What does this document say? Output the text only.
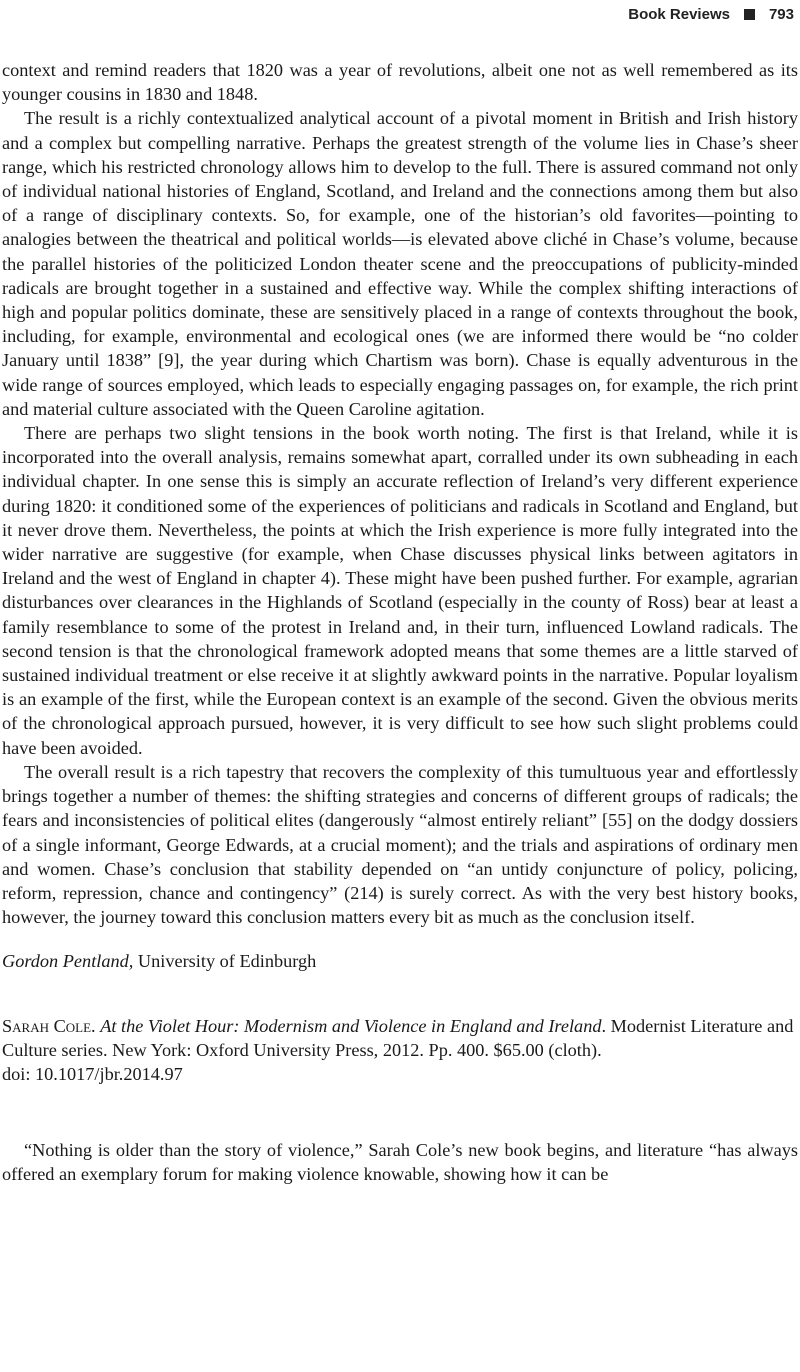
Book Reviews	793

context and remind readers that 1820 was a year of revolutions, albeit one not as well remembered as its younger cousins in 1830 and 1848.

The result is a richly contextualized analytical account of a pivotal moment in British and Irish history and a complex but compelling narrative. Perhaps the greatest strength of the volume lies in Chase’s sheer range, which his restricted chronology allows him to develop to the full. There is assured command not only of individual national histories of England, Scotland, and Ireland and the connections among them but also of a range of disciplinary contexts. So, for example, one of the historian’s old favorites—pointing to analogies between the theatrical and political worlds—is elevated above cliché in Chase’s volume, because the parallel histories of the politicized London theater scene and the preoccupations of publicity-minded radicals are brought together in a sustained and effective way. While the complex shifting interactions of high and popular politics dominate, these are sensitively placed in a range of contexts throughout the book, including, for example, environmental and ecological ones (we are informed there would be “no colder January until 1838” [9], the year during which Chartism was born). Chase is equally adventurous in the wide range of sources employed, which leads to especially engaging passages on, for example, the rich print and material culture associated with the Queen Caroline agitation.

There are perhaps two slight tensions in the book worth noting. The first is that Ireland, while it is incorporated into the overall analysis, remains somewhat apart, corralled under its own subheading in each individual chapter. In one sense this is simply an accurate reflection of Ireland’s very different experience during 1820: it conditioned some of the experiences of politicians and radicals in Scotland and England, but it never drove them. Nevertheless, the points at which the Irish experience is more fully integrated into the wider narrative are suggestive (for example, when Chase discusses physical links between agitators in Ireland and the west of England in chapter 4). These might have been pushed further. For example, agrarian disturbances over clearances in the Highlands of Scotland (especially in the county of Ross) bear at least a family resemblance to some of the protest in Ireland and, in their turn, influenced Lowland radicals. The second tension is that the chronological framework adopted means that some themes are a little starved of sustained individual treatment or else receive it at slightly awkward points in the narrative. Popular loyalism is an example of the first, while the European context is an example of the second. Given the obvious merits of the chronological approach pursued, however, it is very difficult to see how such slight problems could have been avoided.

The overall result is a rich tapestry that recovers the complexity of this tumultuous year and effortlessly brings together a number of themes: the shifting strategies and concerns of different groups of radicals; the fears and inconsistencies of political elites (dangerously “almost entirely reliant” [55] on the dodgy dossiers of a single informant, George Edwards, at a crucial moment); and the trials and aspirations of ordinary men and women. Chase’s conclusion that stability depended on “an untidy conjuncture of policy, policing, reform, repression, chance and contingency” (214) is surely correct. As with the very best history books, however, the journey toward this conclusion matters every bit as much as the conclusion itself.

Gordon Pentland, University of Edinburgh

Sarah Cole. At the Violet Hour: Modernism and Violence in England and Ireland. Modernist Literature and Culture series. New York: Oxford University Press, 2012. Pp. 400. $65.00 (cloth).

doi: 10.1017/jbr.2014.97

“Nothing is older than the story of violence,” Sarah Cole’s new book begins, and literature “has always offered an exemplary forum for making violence knowable, showing how it can be
